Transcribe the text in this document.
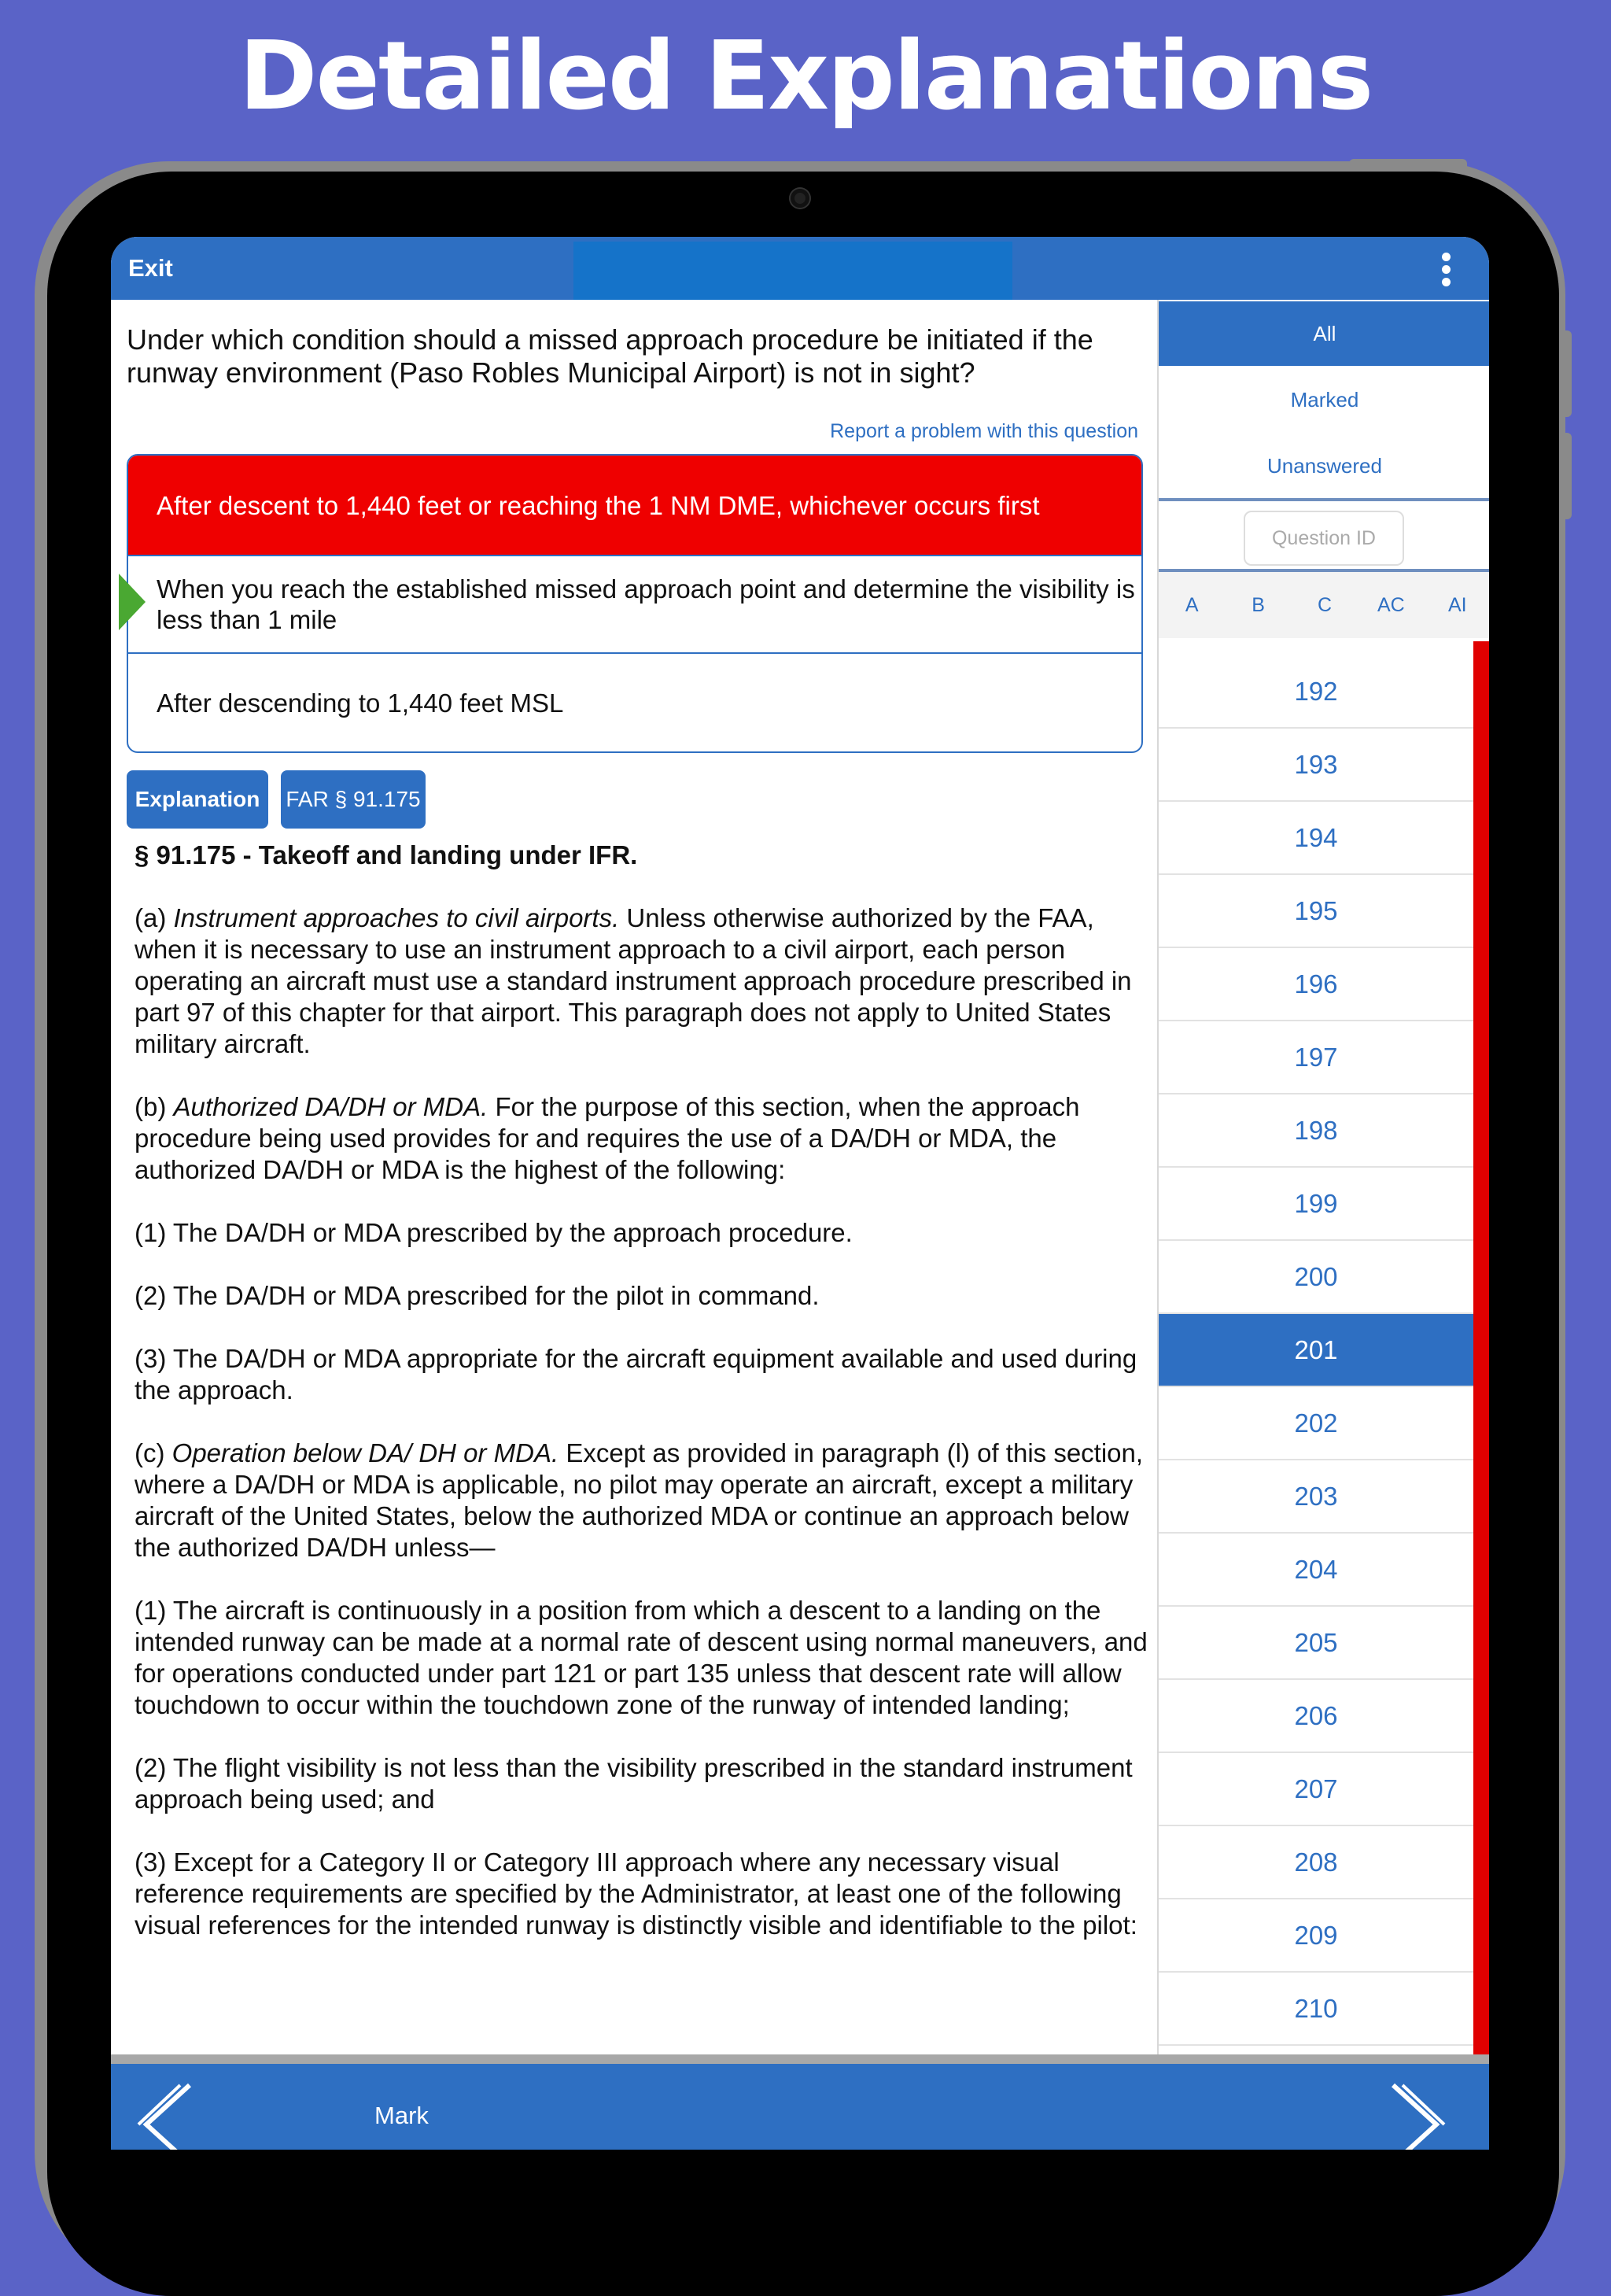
Detailed Explanations
Exit
Under which condition should a missed approach procedure be initiated if the runway environment (Paso Robles Municipal Airport) is not in sight?
Report a problem with this question
After descent to 1,440 feet or reaching the 1 NM DME, whichever occurs first
When you reach the established missed approach point and determine the visibility is less than 1 mile
After descending to 1,440 feet MSL
Explanation	FAR § 91.175

§ 91.175 - Takeoff and landing under IFR.

(a) Instrument approaches to civil airports. Unless otherwise authorized by the FAA, when it is necessary to use an instrument approach to a civil airport, each person operating an aircraft must use a standard instrument approach procedure prescribed in part 97 of this chapter for that airport. This paragraph does not apply to United States military aircraft.

(b) Authorized DA/DH or MDA. For the purpose of this section, when the approach procedure being used provides for and requires the use of a DA/DH or MDA, the authorized DA/DH or MDA is the highest of the following:

(1) The DA/DH or MDA prescribed by the approach procedure.

(2) The DA/DH or MDA prescribed for the pilot in command.

(3) The DA/DH or MDA appropriate for the aircraft equipment available and used during the approach.

(c) Operation below DA/ DH or MDA. Except as provided in paragraph (l) of this section, where a DA/DH or MDA is applicable, no pilot may operate an aircraft, except a military aircraft of the United States, below the authorized MDA or continue an approach below the authorized DA/DH unless—

(1) The aircraft is continuously in a position from which a descent to a landing on the intended runway can be made at a normal rate of descent using normal maneuvers, and for operations conducted under part 121 or part 135 unless that descent rate will allow touchdown to occur within the touchdown zone of the runway of intended landing;

(2) The flight visibility is not less than the visibility prescribed in the standard instrument approach being used; and

(3) Except for a Category II or Category III approach where any necessary visual reference requirements are specified by the Administrator, at least one of the following visual references for the intended runway is distinctly visible and identifiable to the pilot:

All
Marked
Unanswered
Question ID
A	B	C	AC	AI
192
193
194
195
196
197
198
199
200
201
202
203
204
205
206
207
208
209
210
Mark
